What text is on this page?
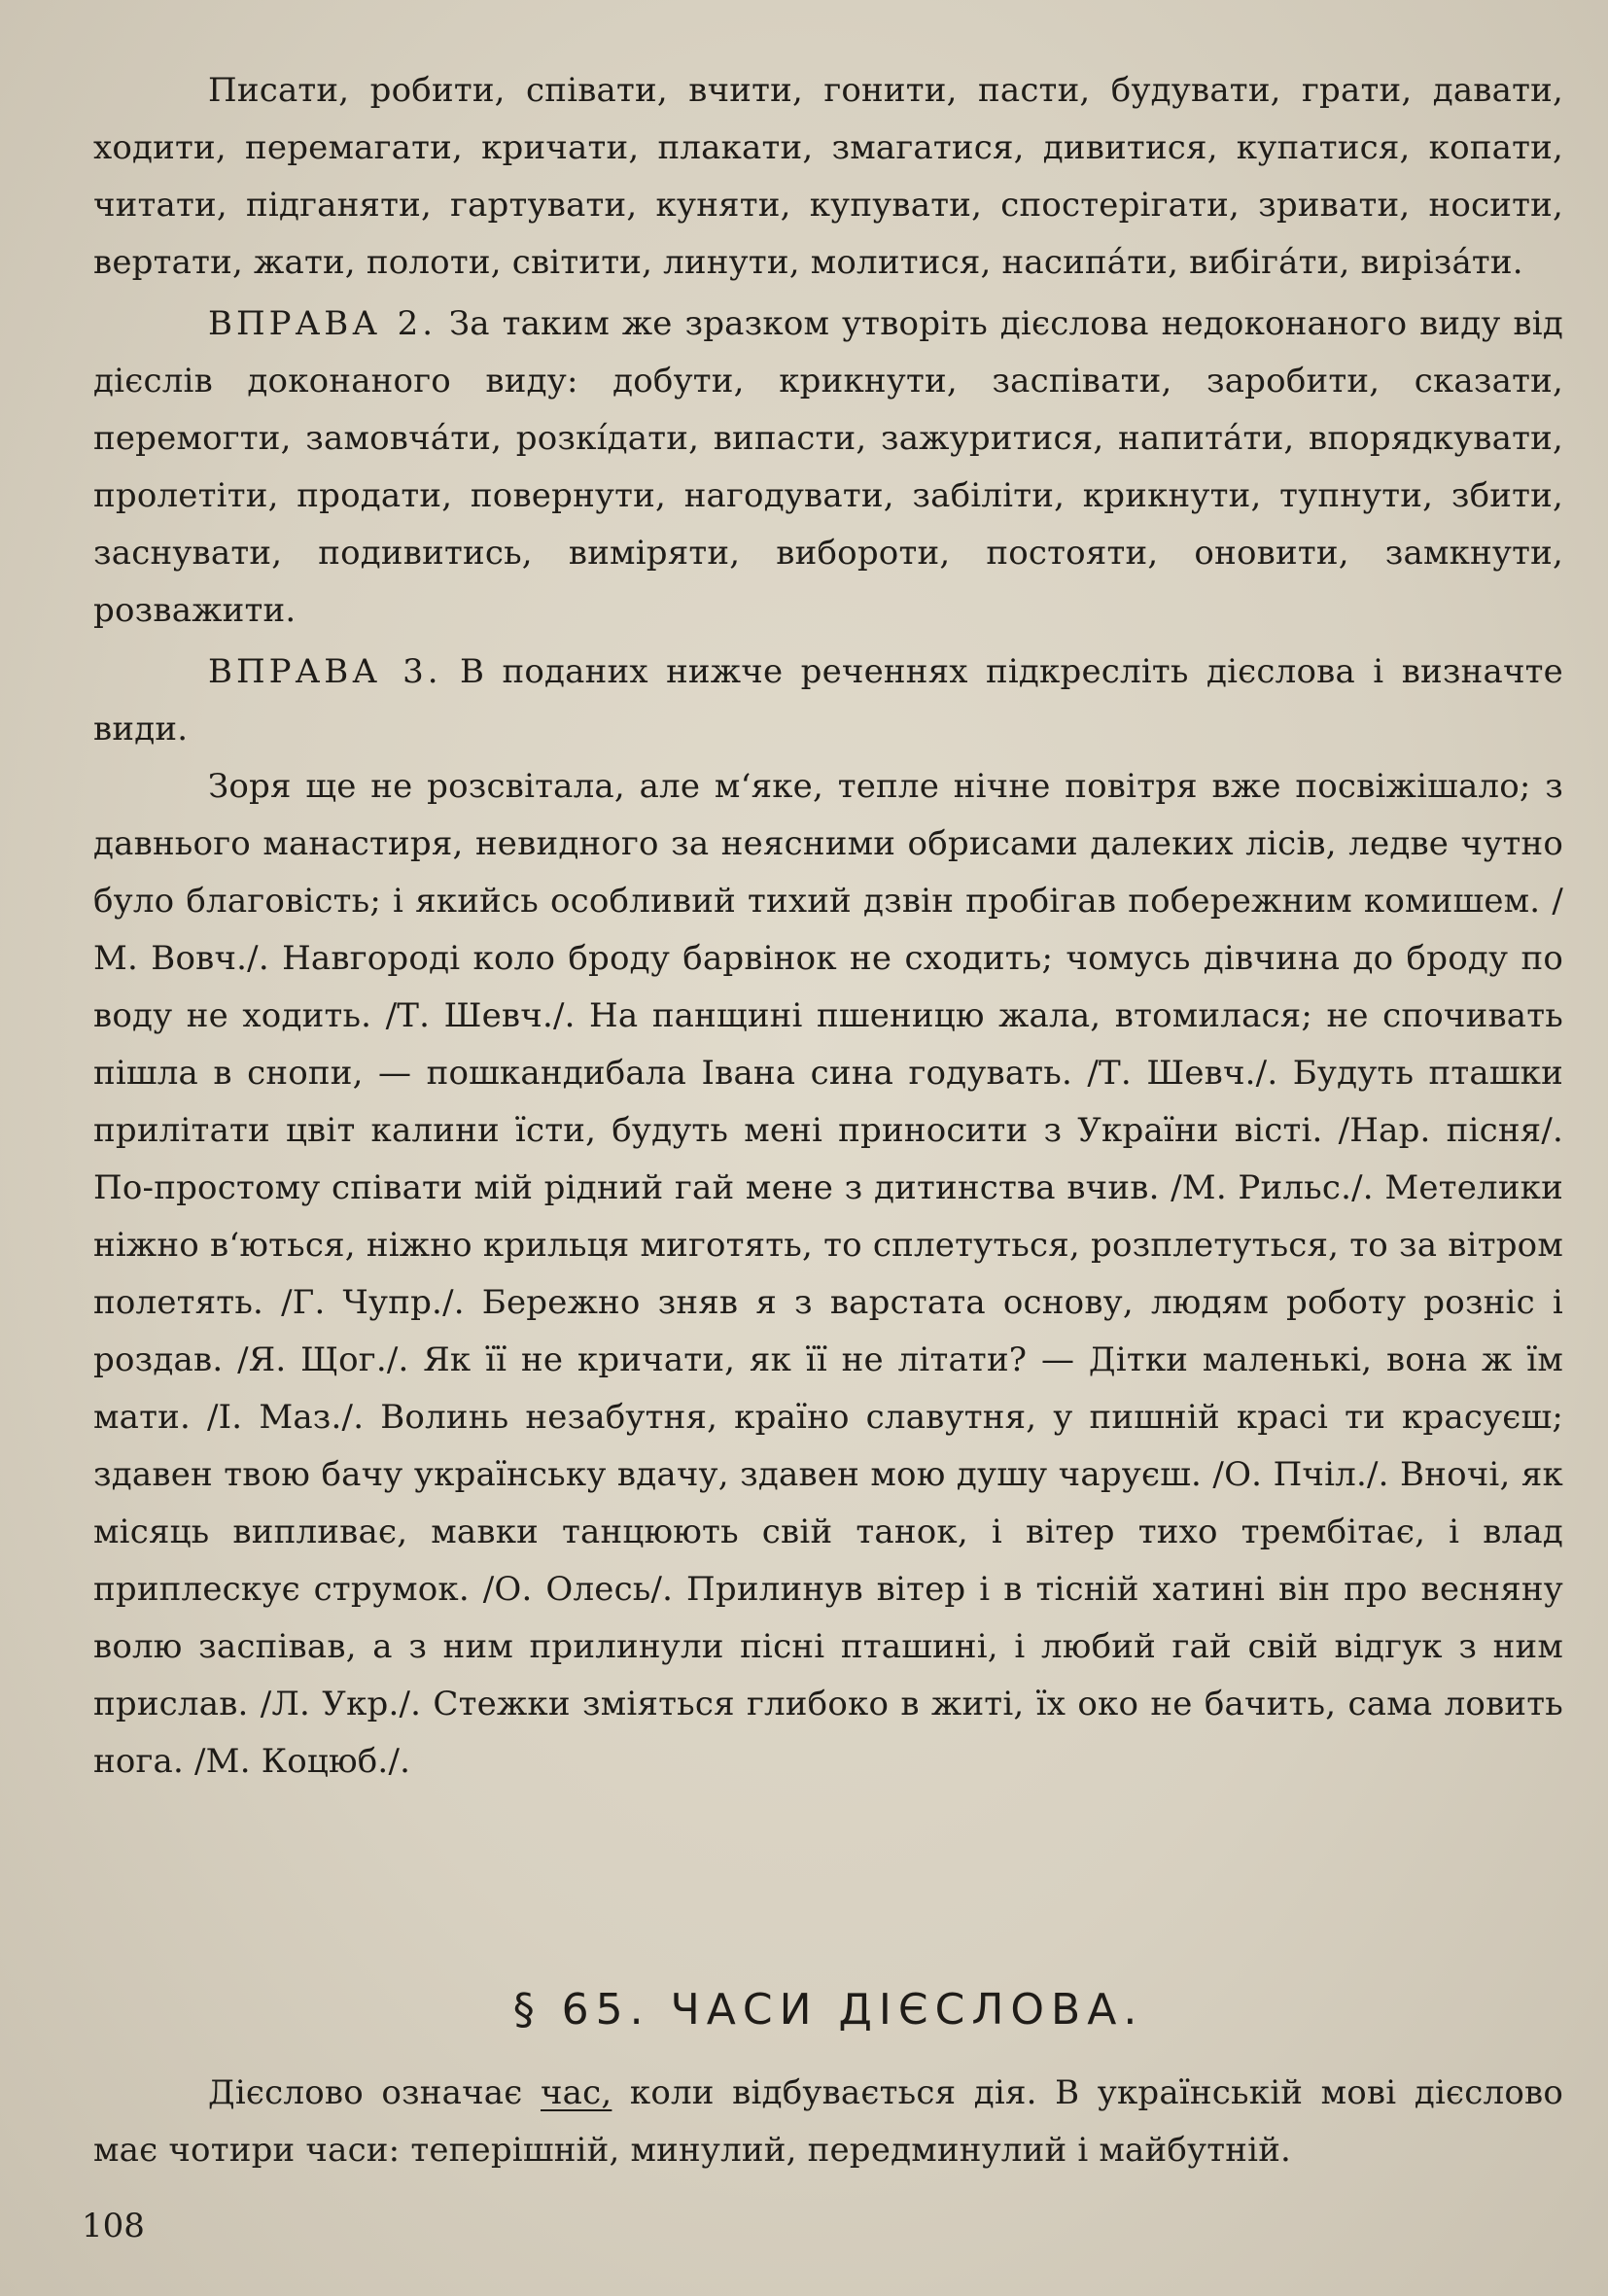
Писати, робити, співати, вчити, гонити, пасти, будувати, грати, давати, ходити, перемагати, кричати, плакати, змагатися, дивитися, купатися, копати, читати, підганяти, гартувати, куняти, купувати, спостерігати, зривати, носити, вертати, жати, полоти, світити, линути, молитися, насипа́ти, вибіга́ти, виріза́ти.

ВПРАВА 2. За таким же зразком утворіть дієслова недоконаного виду від дієслів доконаного виду: добути, крикнути, заспівати, заробити, сказати, перемогти, замовча́ти, розкі́дати, випасти, зажуритися, напита́ти, впорядкувати, пролетіти, продати, повернути, нагодувати, забіліти, крикнути, тупнути, збити, заснувати, подивитись, виміряти, виборoти, постояти, оновити, замкнути, розважити.

ВПРАВА 3. В поданих нижче реченнях підкресліть дієслова і визначте види.

Зоря ще не розсвітала, але м‘яке, тепле нічне повітря вже посвіжішало; з давнього манастиря, невидного за неясними обрисами далеких лісів, ледве чутно було благовість; і якийсь особливий тихий дзвін пробігав побережним комишем. /М. Вовч./. Навгороді коло броду барвінок не сходить; чомусь дівчина до броду по воду не ходить. /Т. Шевч./. На панщині пшеницю жала, втомилася; не спочивать пішла в снопи, — пошкандибала Івана сина годувать. /Т. Шевч./. Будуть пташки прилітати цвіт калини їсти, будуть мені приносити з України вісті. /Нар. пісня/. По-простому співати мій рідний гай мене з дитинства вчив. /М. Рильс./. Метелики ніжно в‘ються, ніжно крильця миготять, то сплетуться, розплетуться, то за вітром полетять. /Г. Чупр./. Бережно зняв я з варстата основу, людям роботу розніс і роздав. /Я. Щог./. Як її не кричати, як її не літати? — Дітки маленькі, вона ж їм мати. /І. Маз./. Волинь незабутня, країно славутня, у пишній красі ти красуєш; здавен твою бачу українську вдачу, здавен мою душу чаруєш. /О. Пчіл./. Вночі, як місяць випливає, мавки танцюють свій танок, і вітер тихо трембітає, і влад приплескує струмок. /О. Олесь/. Прилинув вітер і в тісній хатині він про весняну волю заспівав, а з ним прилинули пісні пташині, і любий гай свій відгук з ним прислав. /Л. Укр./. Стежки зміяться глибоко в житі, їх око не бачить, сама ловить нога. /М. Коцюб./.

§ 65. ЧАСИ ДІЄСЛОВА.

Дієслово означає час, коли відбувається дія. В українській мові дієслово має чотири часи: теперішній, минулий, передминулий і майбутній.

108
